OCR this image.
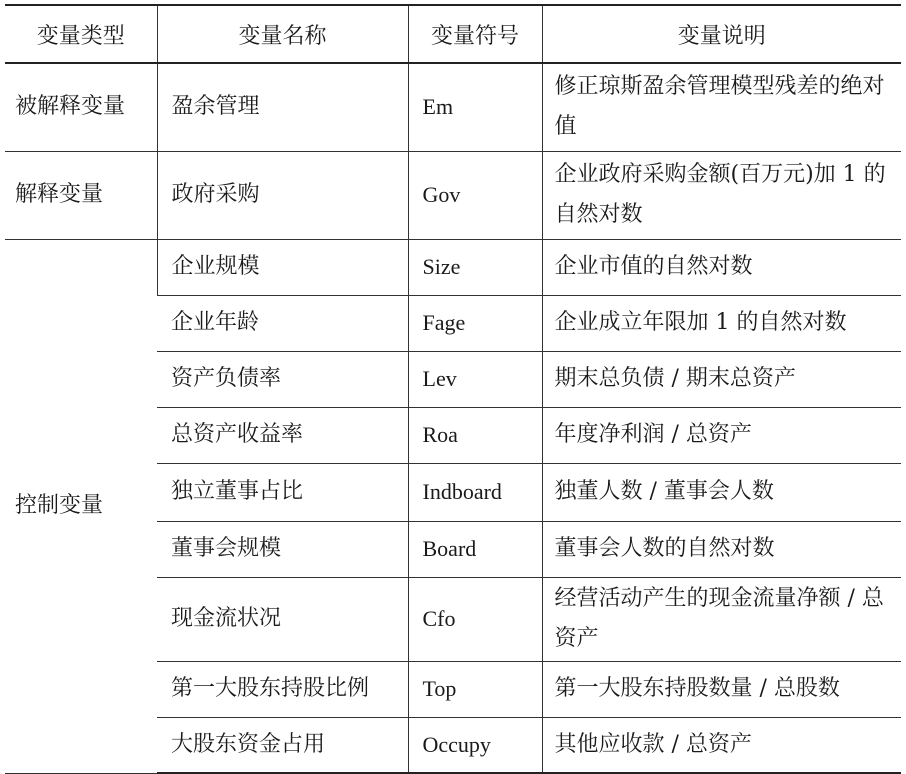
变量类型	变量名称	变量符号	变量说明
被解释变量	盈余管理	Em	修正琼斯盈余管理模型残差的绝对值
解释变量	政府采购	Gov	企业政府采购金额(百万元)加 1 的自然对数
控制变量	企业规模	Size	企业市值的自然对数
	企业年龄	Fage	企业成立年限加 1 的自然对数
	资产负债率	Lev	期末总负债 / 期末总资产
	总资产收益率	Roa	年度净利润 / 总资产
	独立董事占比	Indboard	独董人数 / 董事会人数
	董事会规模	Board	董事会人数的自然对数
	现金流状况	Cfo	经营活动产生的现金流量净额 / 总资产
	第一大股东持股比例	Top	第一大股东持股数量 / 总股数
	大股东资金占用	Occupy	其他应收款 / 总资产
